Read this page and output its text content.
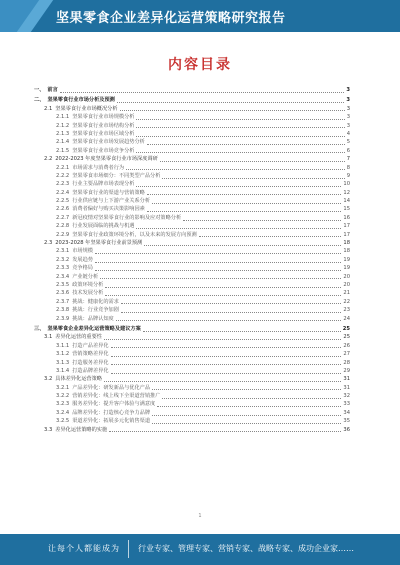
坚果零食企业差异化运营策略研究报告
内容目录
一、 前言	3
二、 坚果零食行业市场分析及预测	3
2.1 坚果零食行业市场概况分析	3
2.1.1 坚果零食行业市场规模分析	3
2.1.2 坚果零食行业市场结构分析	3
2.1.3 坚果零食行业市场区域分析	4
2.1.4 坚果零食行业市场发展趋势分析	5
2.1.5 坚果零食行业市场竞争分析	6
2.2 2022-2023 年度坚果零食行业市场深度调研	7
2.2.1 市场需求与消费者行为	8
2.2.2 坚果零食市场细分：不同类型产品分析	9
2.2.3 行业主要品牌市场表现分析	10
2.2.4 坚果零食行业的渠道与营销策略	12
2.2.5 行业供应链与上下游产业关系分析	14
2.2.6 消费者偏好与购买决策影响因素	15
2.2.7 新冠疫情对坚果零食行业的影响及应对策略分析	16
2.2.8 行业发展面临的挑战与机遇	17
2.2.9 坚果零食行业政策环境分析，以及未来的发展方向预测	17
2.3 2023-2028 年坚果零食行业前景预测	18
2.3.1 市场规模	18
2.3.2 发展趋势	19
2.3.3 竞争格局	19
2.3.4 产业链分析	20
2.3.5 政策环境分析	20
2.3.6 技术发展分析	21
2.3.7 挑战：健康化的需求	22
2.3.8 挑战：行业竞争加剧	23
2.3.9 挑战：品牌认知度	24
三、 坚果零食企业差异化运营策略及建议方案	25
3.1 差异化运营的重要性	25
3.1.1 打造产品差异化	26
3.1.2 营销策略差异化	27
3.1.3 打造服务差异化	28
3.1.4 打造品牌差异化	29
3.2 具体差异化运营策略	31
3.2.1 产品差异化：研发新品与优化产品	31
3.2.2 营销差异化：线上线下全渠道营销推广	32
3.2.3 服务差异化：提升客户体验与满意度	33
3.2.4 品牌差异化：打造核心竞争力品牌	34
3.2.5 渠道差异化：拓展多元化销售渠道	35
3.3 差异化运营策略的实施	36
1
让每个人都能成为 行业专家、管理专家、营销专家、战略专家、成功企业家……
